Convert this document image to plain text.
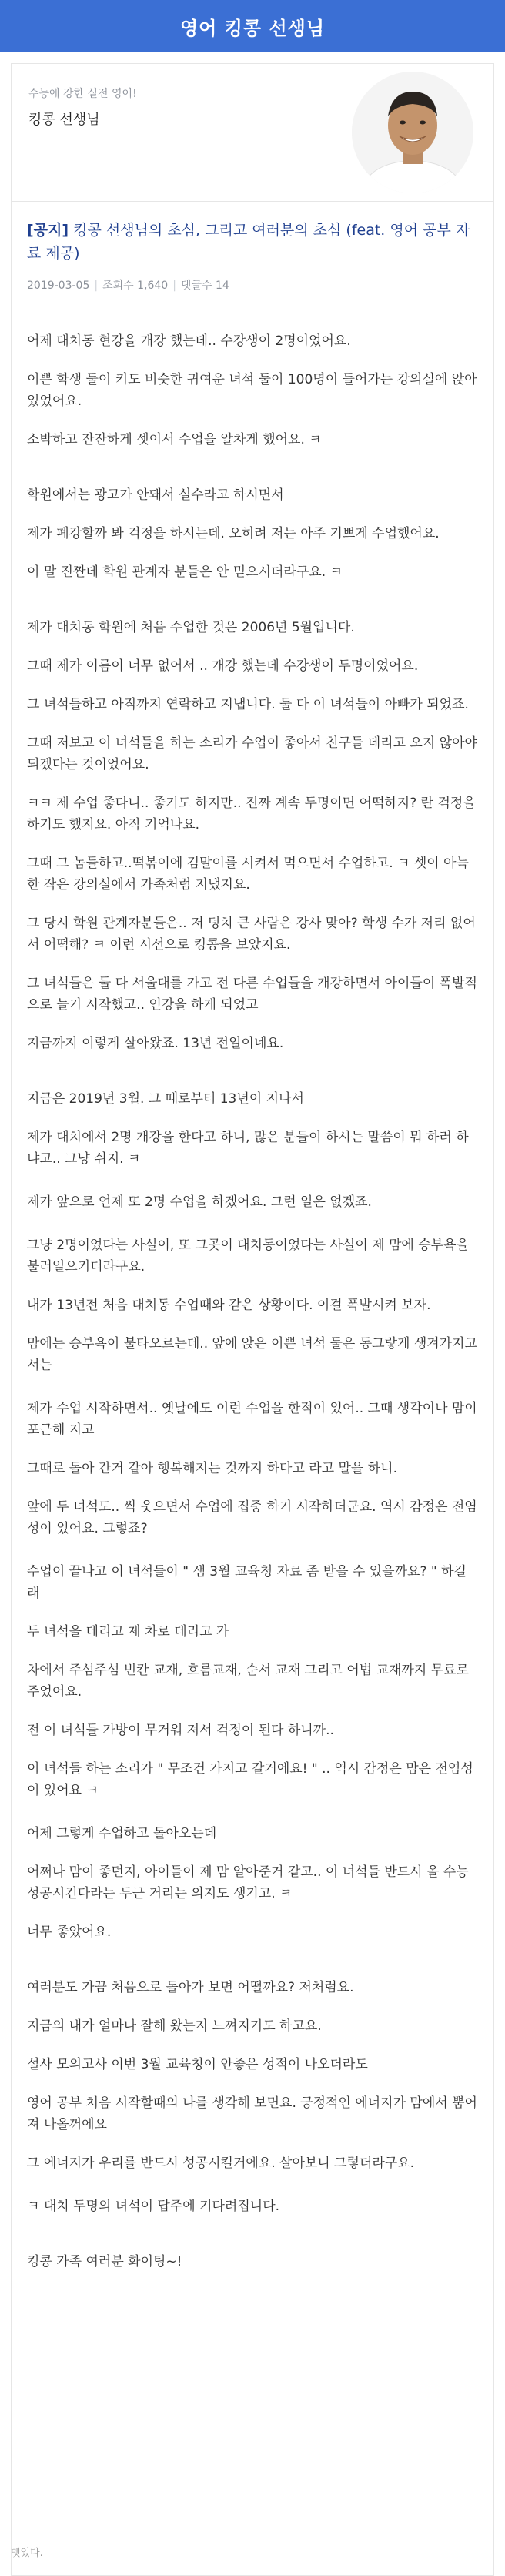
영어 킹콩 선생님
수능에 강한 실전 영어!
킹콩 선생님
[공지] 킹콩 선생님의 초심, 그리고 여러분의 초심 (feat. 영어 공부 자료 제공)
2019-03-05 | 조회수 1,640 | 댓글수 14

어제 대치동 현강을 개강 했는데.. 수강생이 2명이었어요.

이쁜 학생 둘이 키도 비슷한 귀여운 녀석 둘이 100명이 들어가는 강의실에 앉아 있었어요.

소박하고 잔잔하게 셋이서 수업을 알차게 했어요. ㅋ

학원에서는 광고가 안돼서 실수라고 하시면서

제가 폐강할까 봐 걱정을 하시는데. 오히려 저는 아주 기쁘게 수업했어요.

이 말 진짠데 학원 관계자 분들은 안 믿으시더라구요. ㅋ

제가 대치동 학원에 처음 수업한 것은 2006년 5월입니다.

그때 제가 이름이 너무 없어서 .. 개강 했는데 수강생이 두명이었어요.

그 녀석들하고 아직까지 연락하고 지냅니다. 둘 다 이 녀석들이 아빠가 되었죠.

그때 저보고 이 녀석들을 하는 소리가 수업이 좋아서 친구들 데리고 오지 않아야 되겠다는 것이었어요.

ㅋㅋ 제 수업 좋다니.. 좋기도 하지만.. 진짜 계속 두명이면 어떡하지? 란 걱정을 하기도 했지요. 아직 기억나요.

그때 그 놈들하고..떡볶이에 김말이를 시켜서 먹으면서 수업하고. ㅋ 셋이 아늑한 작은 강의실에서 가족처럼 지냈지요.

그 당시 학원 관계자분들은.. 저 덩치 큰 사람은 강사 맞아? 학생 수가 저리 없어서 어떡해? ㅋ 이런 시선으로 킹콩을 보았지요.

그 녀석들은 둘 다 서울대를 가고 전 다른 수업들을 개강하면서 아이들이 폭발적으로 늘기 시작했고.. 인강을 하게 되었고

지금까지 이렇게 살아왔죠. 13년 전일이네요.

지금은 2019년 3월. 그 때로부터 13년이 지나서

제가 대치에서 2명 개강을 한다고 하니, 많은 분들이 하시는 말씀이 뭐 하러 하냐고.. 그냥 쉬지. ㅋ

제가 앞으로 언제 또 2명 수업을 하겠어요. 그런 일은 없겠죠.

그냥 2명이었다는 사실이, 또 그곳이 대치동이었다는 사실이 제 맘에 승부욕을 불러일으키더라구요.

내가 13년전 처음 대치동 수업때와 같은 상황이다. 이걸 폭발시켜 보자.

맘에는 승부욕이 불타오르는데.. 앞에 앉은 이쁜 녀석 둘은 동그랗게 생겨가지고서는

제가 수업 시작하면서.. 옛날에도 이런 수업을 한적이 있어.. 그때 생각이나 맘이 포근해 지고

그때로 돌아 간거 같아 행복해지는 것까지 하다고 라고 말을 하니.

앞에 두 녀석도.. 씩 웃으면서 수업에 집중 하기 시작하더군요. 역시 감정은 전염성이 있어요. 그렇죠?

수업이 끝나고 이 녀석들이 " 샘 3월 교육청 자료 좀 받을 수 있을까요? " 하길래

두 녀석을 데리고 제 차로 데리고 가

차에서 주섬주섬 빈칸 교재, 흐름교재, 순서 교재 그리고 어법 교재까지 무료로 주었어요.

전 이 녀석들 가방이 무거워 져서 걱정이 된다 하니까..

이 녀석들 하는 소리가 " 무조건 가지고 갈거에요! " .. 역시 감정은 맘은 전염성이 있어요 ㅋ

어제 그렇게 수업하고 돌아오는데

어쩌나 맘이 좋던지, 아이들이 제 맘 알아준거 같고.. 이 녀석들 반드시 올 수능 성공시킨다라는 두근 거리는 의지도 생기고. ㅋ

너무 좋았어요.

여러분도 가끔 처음으로 돌아가 보면 어떨까요? 저처럼요.

지금의 내가 얼마나 잘해 왔는지 느껴지기도 하고요.

설사 모의고사 이번 3월 교육청이 안좋은 성적이 나오더라도

영어 공부 처음 시작할때의 나를 생각해 보면요. 긍정적인 에너지가 맘에서 뿜어져 나올꺼에요

그 에너지가 우리를 반드시 성공시킬거에요. 살아보니 그렇더라구요.

ㅋ 대치 두명의 녀석이 답주에 기다려집니다.

킹콩 가족 여러분 화이팅~!

맷있다.
